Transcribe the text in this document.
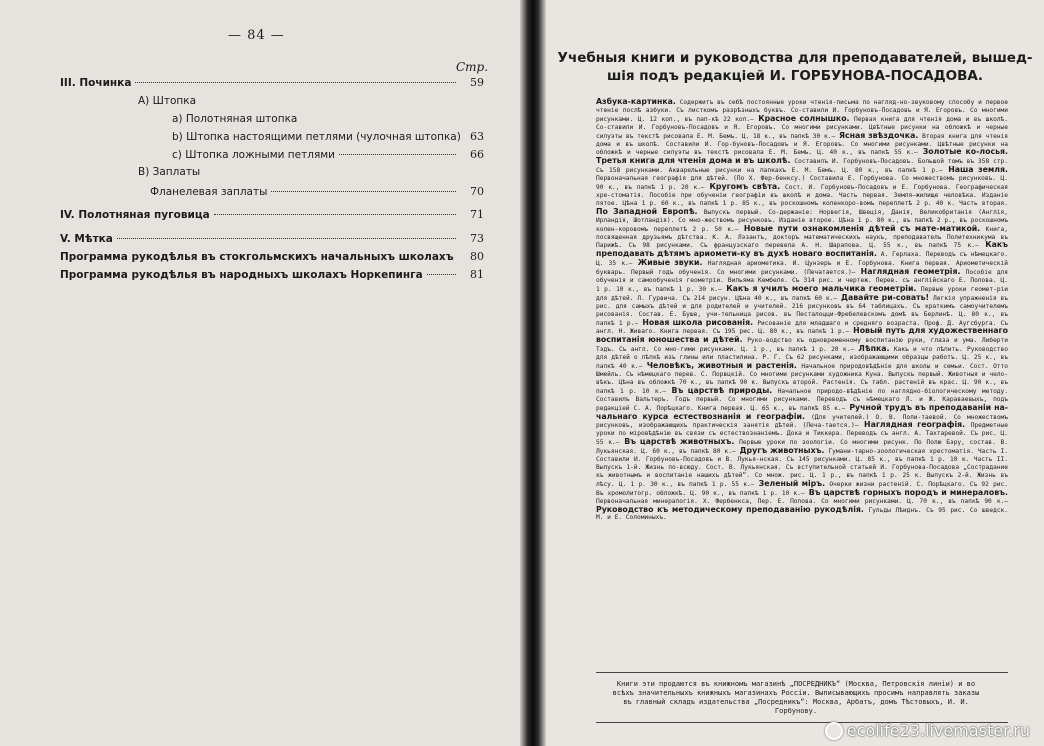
— 84 —
Стр.
III. Починка	59
А) Штопка
a) Полотняная штопка
b) Штопка настоящими петлями (чулочная штопка) 63
c) Штопка ложными петлями	66
В) Заплаты
Фланелевая заплаты	70
IV. Полотняная пуговица	71
V. Мѣтка	73
Программа рукодѣлья въ стокгольмскихъ начальныхъ школахъ	80
Программа рукодѣлья въ народныхъ школахъ Норкепинга	81
Учебныя книги и руководства для преподавателей, вышед-
шія подъ редакціей И. ГОРБУНОВА-ПОСАДОВА.

Азбука-картинка. Содержитъ въ себѣ постоянные уроки чтенія-письма по нагляд-но-звуковому способу и первое чтеніе послѣ азбуки. Съ листкомъ разрѣзныхъ буквъ. Со-ставили И. Горбуновъ-Посадовъ и Я. Егоровъ. Со многими рисунками. Ц. 12 коп., въ пап-кѣ 22 коп.— Красное солнышко. Первая книга для чтенія дома и въ школѣ. Со-ставили И. Горбуновъ-Посадовъ и Я. Егоровъ. Со многими рисунками. Цвѣтные рисунки на обложкѣ и черные силуэты въ текстѣ рисовала Е. М. Бемъ. Ц. 18 к., въ папкѣ 30 к.— Ясная звѣздочка. Вторая книга для чтенія дома и въ школѣ. Составили И. Гор-буновъ-Посадовъ и Я. Егоровъ. Со многими рисунками. Цвѣтные рисунки на обложкѣ и черные силуэты въ текстѣ рисовала Е. М. Бемъ. Ц. 40 к., въ папкѣ 55 к.— Золотые ко-лосья. Третья книга для чтенія дома и въ школѣ. Составилъ И. Горбуновъ-Посадовъ. Большой томъ въ 358 стр. Съ 158 рисунками. Акварельные рисунки на папкахъ Е. М. Бемъ. Ц. 80 к., въ папкѣ 1 р.— Наша земля. Первоначальная географія для дѣтей. (По Х. Фер-бенксу.) Составила Е. Горбунова. Со множествомъ рисунковъ. Ц. 90 к., въ папкѣ 1 р. 20 к.— Кругомъ свѣта. Сост. И. Горбуновъ-Посадовъ и Е. Горбунова. Географическая хре-стоматія. Пособіе при обученіи географіи въ школѣ и дома. Часть первая. Земля—жилище человѣка. Изданіе пятое. Цѣна 1 р. 60 к., въ папкѣ 1 р. 85 к., въ роскошномъ коленкоро-вомъ переплетѣ 2 р. 40 к. Часть вторая. По Западной Европѣ. Выпускъ первый. Со-держаніе: Норвегія, Швеція, Данія, Великобританія (Англія, Ирландія, Шотландія). Со мно-жествомъ рисунковъ. Изданіе второе. Цѣна 1 р. 80 к., въ папкѣ 2 р., въ роскошномъ колен-коровомъ переплетѣ 2 р. 50 к.— Новые пути ознакомленія дѣтей съ мате-матикой. Книга, посвященная друзьямъ дѣтства. К. А. Лэзантъ, докторъ математическихъ наукъ, преподаватель Политехникума въ Парижѣ. Съ 98 рисунками. Съ французскаго перевела А. Н. Шарапова. Ц. 55 к., въ папкѣ 75 к.— Какъ преподавать дѣтямъ ариомети-ку въ духѣ новаго воспитанія. А. Герлаха. Переводъ съ нѣмецкаго. Ц. 35 к.— Живые звуки. Наглядная ариометика. И. Цунзеръ и Е. Горбунова. Книга первая. Ариометическій букварь. Первый годъ обученія. Со многими рисунками. (Печатается.)— Наглядная геометрія. Пособіе для обученія и самообученія геометріи. Вильяма Кембеля. Съ 314 рис. и чертеж. Перев. съ англійскаго Е. Попова. Ц. 1 р. 10 к., въ папкѣ 1 р. 30 к.— Какъ я училъ моего мальчика геометріи. Первые уроки геомет-ріи для дѣтей. Л. Гурвича. Съ 214 рисун. Цѣна 40 к., въ папкѣ 60 к.— Давайте ри-совать! Легкія упражненія въ рис. для самыхъ дѣтей и для родителей и учителей. 216 рисунковъ въ 64 таблицахъ. Съ краткимъ самоучителемъ рисованія. Состав. Е. Буше, учи-тельница рисов. въ Песталоцци-Фребелевскомъ домѣ въ Берлинѣ. Ц. 80 к., въ папкѣ 1 р.— Новая школа рисованія. Рисованіе для младшаго и средняго возраста. Проф. Д. Аугсбурга. Съ англ. Н. Живаго. Книга первая. Съ 195 рис. Ц. 80 к., въ папкѣ 1 р.— Новый путь для художественнаго воспитанія юношества и дѣтей. Руко-водство къ одновременному воспитанію руки, глаза и ума. Либерти Тэдъ. Съ англ. Со мно-гими рисунками. Ц. 1 р., въ папкѣ 1 р. 20 к.— Лѣпка. Какъ и что лѣпить. Руководство для дѣтей о лѣпкѣ изъ глины или пластилина. Р. Г. Съ 62 рисунками, изображающими образцы работъ. Ц. 25 к., въ папкѣ 40 к.— Человѣкъ, животныя и растенія. Начальное природовѣдѣніе для школы и семьи. Сост. Отто Шмейль. Съ нѣмецкаго перев. С. Порвцкій. Со многими рисунками художника Куна. Выпускъ первый. Животныя и чело-вѣкъ. Цѣна въ обложкѣ 70 к., въ папкѣ 90 к. Выпускъ второй. Растенія. Съ табл. растеній въ крас. Ц. 90 к., въ папкѣ 1 р. 10 к.— Въ царствѣ природы. Начальное природо-вѣдѣніе по наглядно-біологическому методу. Составилъ Вальтеръ. Годъ первый. Со многими рисунками. Переводъ съ нѣмецкаго Л. и Ж. Караваевыхъ, подъ редакціей С. А. Порѣцкаго. Книга первая. Ц. 65 к., въ папкѣ 85 к.— Ручной трудъ въ преподаваніи на-чальнаго курса естествознанія и географіи. (Для учителей.) О. В. Поли-таевой. Со множествомъ рисунковъ, изображающихъ практическія занятія дѣтей. (Печа-тается.)— Наглядная географія. Предметные уроки по міровѣдѣнію въ связи съ естествознаніемъ. Дока и Тиккера. Переводъ съ англ. А. Тахтаревой. Съ рис. Ц. 55 к.— Въ царствѣ животныхъ. Первые уроки по зоологіи. Со многими рисунк. По Полю Бэру, состав. В. Лукьянская. Ц. 60 к., въ папкѣ 80 к.— Другъ животныхъ. Гумани-тарно-зоологическая хрестоматія. Часть I. Составили И. Горбуновъ-Посадовъ и В. Лукья-нская. Съ 145 рисунками. Ц. 85 к., въ папкѣ 1 р. 10 к. Часть II. Выпускъ 1-й. Жизнь по-всюду. Сост. В. Лукьянская. Съ вступительной статьей И. Горбунова-Посадова „Сострадание къ животнымъ и воспитаніе нашихъ дѣтей“. Со множ. рис. Ц. 1 р., въ папкѣ 1 р. 25 к. Выпускъ 2-й. Жизнь въ лѣсу. Ц. 1 р. 30 к., въ папкѣ 1 р. 55 к.— Зеленый міръ. Очерки жизни растеній. С. Порѣцкаго. Съ 92 рис. Въ хромолитогр. обложкѣ. Ц. 90 к., въ папкѣ 1 р. 10 к.— Въ царствѣ горныхъ породъ и минераловъ. Первоначальная минералогія. Х. Фербенкса, Пер. Е. Попова. Со многими рисунками. Ц. 70 к., въ папкѣ 90 к.— Руководство къ методическому преподаванію рукодѣлія. Гульды Лѣиднъ. Съ 95 рис. Со шведск. М. и Е. Соломиныхъ.

Книги эти продаются въ книжномъ магазинѣ „ПОСРЕДНИКЪ“ (Москва, Петровскія линіи) и во всѣхъ значительныхъ книжныхъ магазинахъ Россіи. Выписывающихъ просимъ направлять заказы въ главный складъ издательства „Посредникъ“: Москва, Арбатъ, домъ Тѣстовыхъ, И. И. Горбунову.
ecolife23.livemaster.ru
